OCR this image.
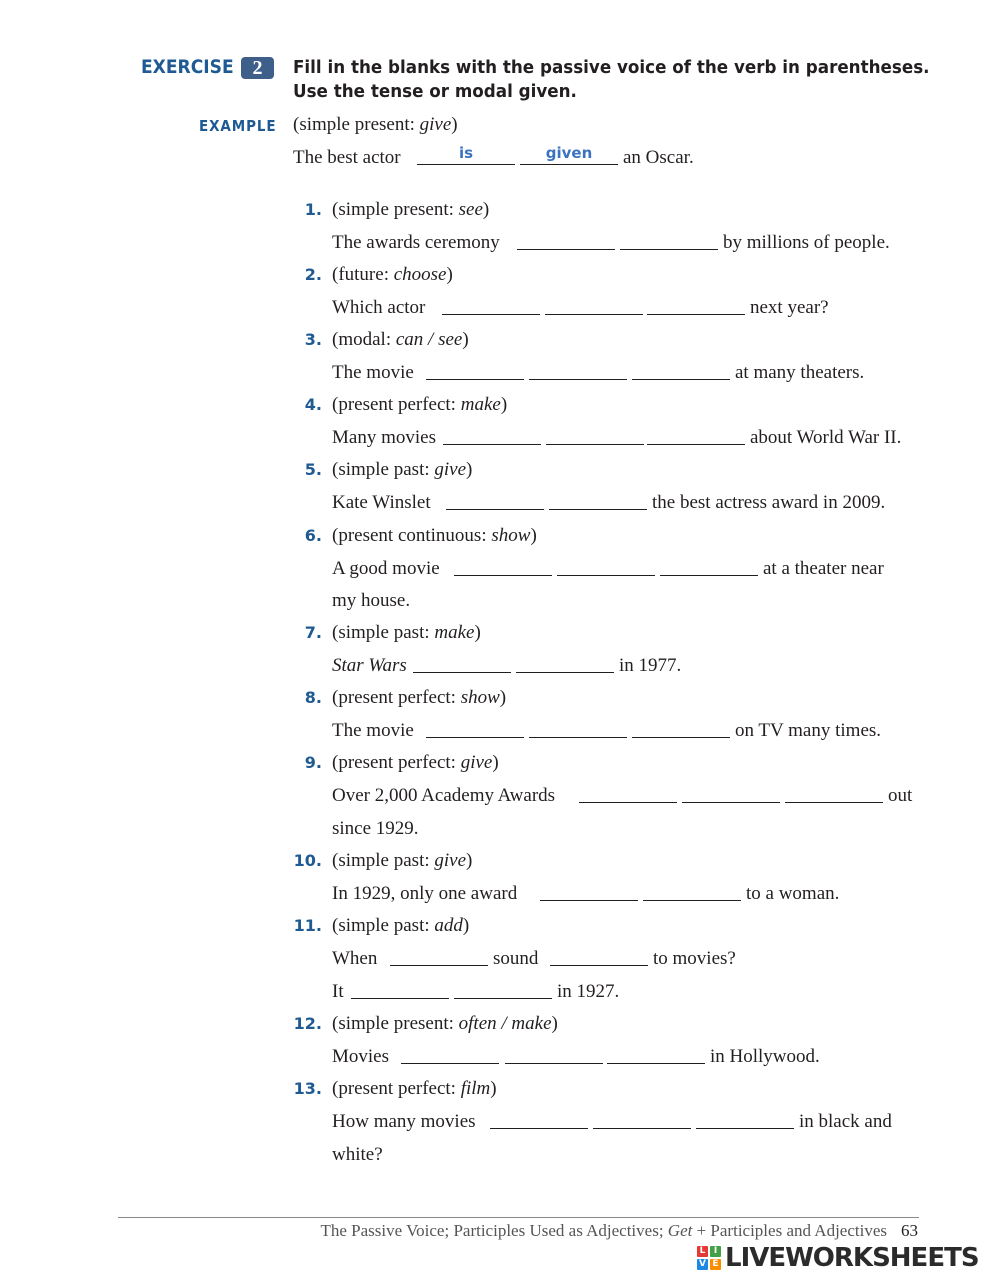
EXERCISE 2	Fill in the blanks with the passive voice of the verb in parentheses.
Use the tense or modal given.
EXAMPLE (simple present: give)
The best actor	is	given	an Oscar.
1. (simple present: see)
The awards ceremony	by millions of people.
2. (future: choose)
Which actor	next year?
3. (modal: can / see)
The movie	at many theaters.
4. (present perfect: make)
Many movies	about World War II.
5. (simple past: give)
Kate Winslet	the best actress award in 2009.
6. (present continuous: show)
A good movie	at a theater near
my house.
7. (simple past: make)
Star Wars	in 1977.
8. (present perfect: show)
The movie	on TV many times.
9. (present perfect: give)
Over 2,000 Academy Awards	out
since 1929.
10. (simple past: give)
In 1929, only one award	to a woman.
11. (simple past: add)
When	sound	to movies?
It	in 1927.
12. (simple present: often / make)
Movies	in Hollywood.
13. (present perfect: film)
How many movies	in black and
white?
The Passive Voice; Participles Used as Adjectives; Get + Participles and Adjectives 63
L I
V E LIVEWORKSHEETS
